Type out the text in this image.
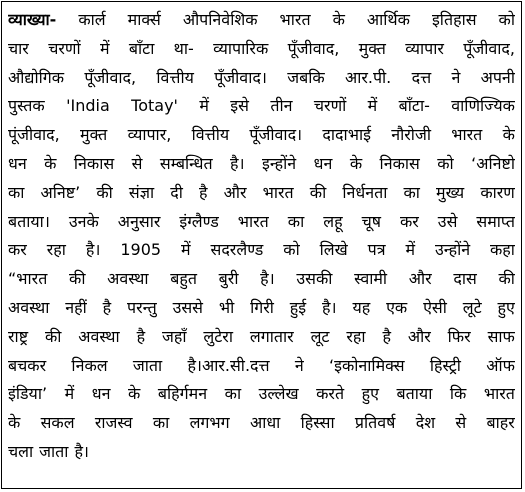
व्याख्या- कार्ल मार्क्स औपनिवेशिक भारत के आर्थिक इतिहास को
चार चरणों में बाँटा था- व्यापारिक पूँजीवाद, मुक्त व्यापार पूँजीवाद,
औद्योगिक पूँजीवाद, वित्तीय पूँजीवाद। जबकि आर.पी. दत्त ने अपनी
पुस्तक 'India Totay' में इसे तीन चरणों में बाँटा- वाणिज्यिक
पूंजीवाद, मुक्त व्यापार, वित्तीय पूँजीवाद। दादाभाई नौरोजी भारत के
धन के निकास से सम्बन्धित है। इन्होंने धन के निकास को ‘अनिष्टो
का अनिष्ट’ की संज्ञा दी है और भारत की निर्धनता का मुख्य कारण
बताया। उनके अनुसार इंग्लैण्ड भारत का लहू चूष कर उसे समाप्त
कर रहा है। 1905 में सदरलैण्ड को लिखे पत्र में उन्होंने कहा
“भारत की अवस्था बहुत बुरी है। उसकी स्वामी और दास की
अवस्था नहीं है परन्तु उससे भी गिरी हुई है। यह एक ऐसी लूटे हुए
राष्ट्र की अवस्था है जहाँ लुटेरा लगातार लूट रहा है और फिर साफ
बचकर निकल जाता है।आर.सी.दत्त ने ‘इकोनामिक्स हिस्ट्री ऑफ
इंडिया’ में धन के बहिर्गमन का उल्लेख करते हुए बताया कि भारत
के सकल राजस्व का लगभग आधा हिस्सा प्रतिवर्ष देश से बाहर
चला जाता है।
